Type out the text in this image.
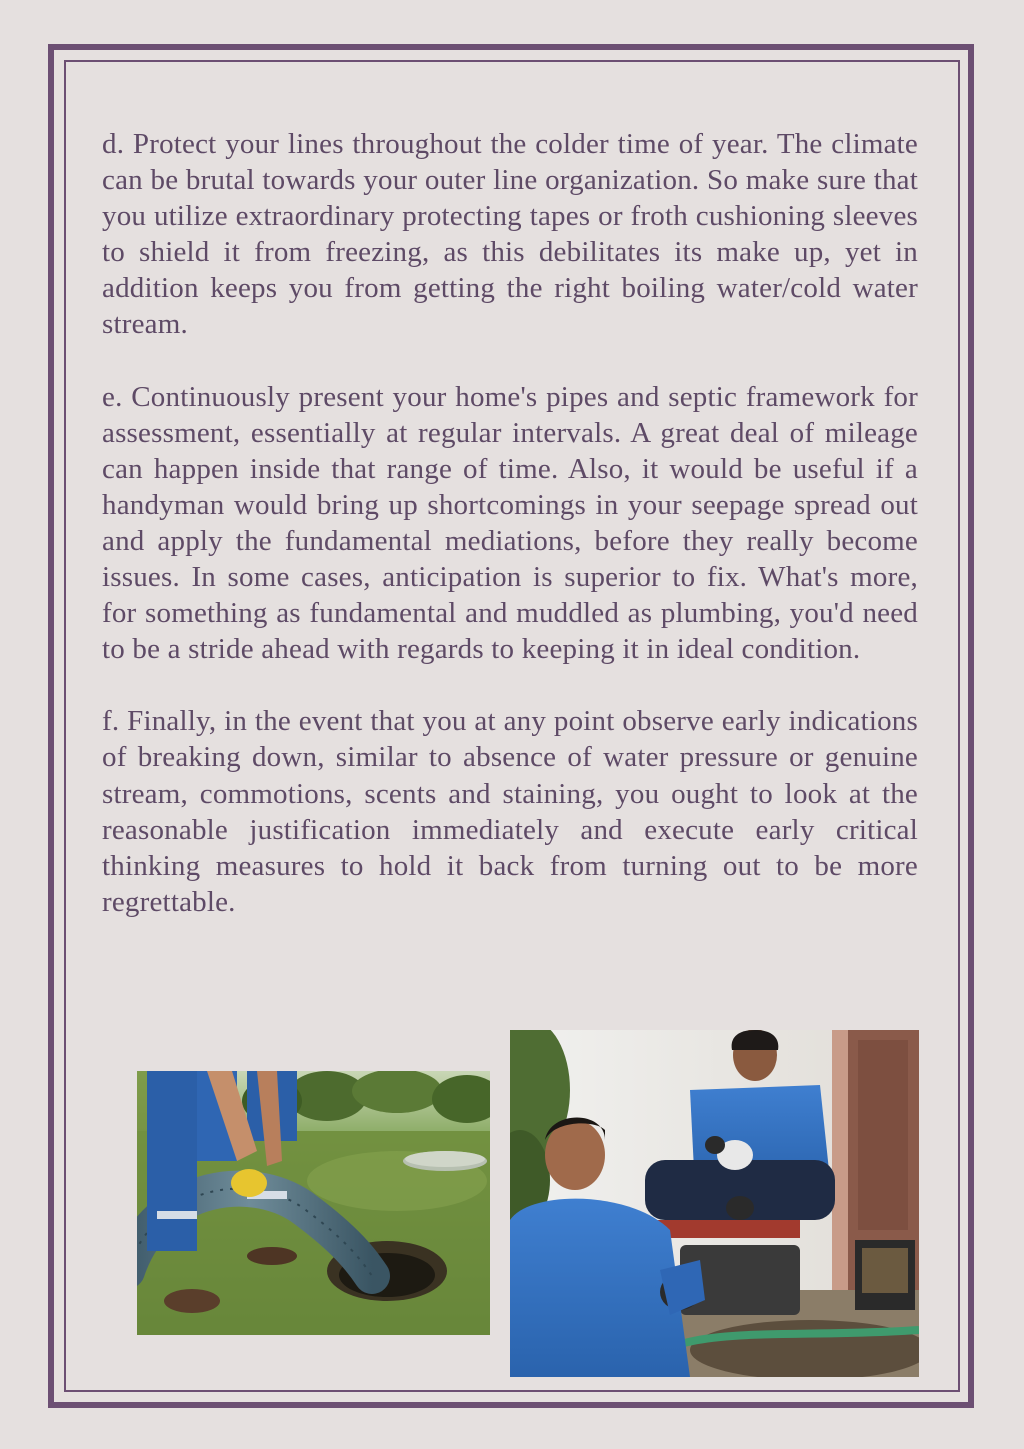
d. Protect your lines throughout the colder time of year. The climate can be brutal towards your outer line organization. So make sure that you utilize extraordinary protecting tapes or froth cushioning sleeves to shield it from freezing, as this debilitates its make up, yet in addition keeps you from getting the right boiling water/cold water stream.

e. Continuously present your home's pipes and septic framework for assessment, essentially at regular intervals. A great deal of mileage can happen inside that range of time. Also, it would be useful if a handyman would bring up shortcomings in your seepage spread out and apply the fundamental mediations, before they really become issues. In some cases, anticipation is superior to fix. What's more, for something as fundamental and muddled as plumbing, you'd need to be a stride ahead with regards to keeping it in ideal condition.

f. Finally, in the event that you at any point observe early indications of breaking down, similar to absence of water pressure or genuine stream, commotions, scents and staining, you ought to look at the reasonable justification immediately and execute early critical thinking measures to hold it back from turning out to be more regrettable.
